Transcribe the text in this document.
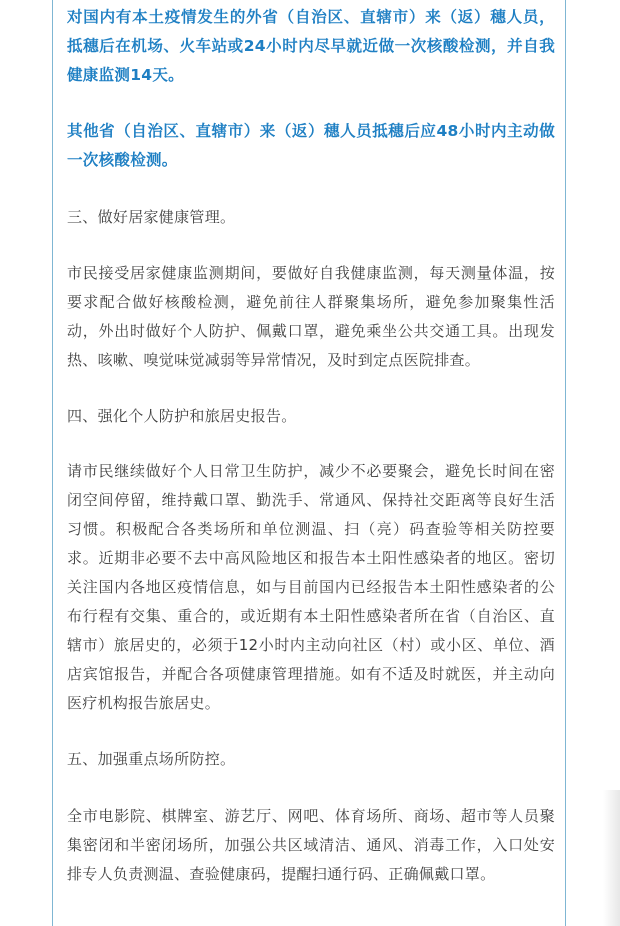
对国内有本土疫情发生的外省（自治区、直辖市）来（返）穗人员，抵穗后在机场、火车站或24小时内尽早就近做一次核酸检测，并自我健康监测14天。

其他省（自治区、直辖市）来（返）穗人员抵穗后应48小时内主动做一次核酸检测。

三、做好居家健康管理。

市民接受居家健康监测期间，要做好自我健康监测，每天测量体温，按要求配合做好核酸检测，避免前往人群聚集场所，避免参加聚集性活动，外出时做好个人防护、佩戴口罩，避免乘坐公共交通工具。出现发热、咳嗽、嗅觉味觉减弱等异常情况，及时到定点医院排查。

四、强化个人防护和旅居史报告。

请市民继续做好个人日常卫生防护，减少不必要聚会，避免长时间在密闭空间停留，维持戴口罩、勤洗手、常通风、保持社交距离等良好生活习惯。积极配合各类场所和单位测温、扫（亮）码查验等相关防控要求。近期非必要不去中高风险地区和报告本土阳性感染者的地区。密切关注国内各地区疫情信息，如与目前国内已经报告本土阳性感染者的公布行程有交集、重合的，或近期有本土阳性感染者所在省（自治区、直辖市）旅居史的，必须于12小时内主动向社区（村）或小区、单位、酒店宾馆报告，并配合各项健康管理措施。如有不适及时就医，并主动向医疗机构报告旅居史。

五、加强重点场所防控。

全市电影院、棋牌室、游艺厅、网吧、体育场所、商场、超市等人员聚集密闭和半密闭场所，加强公共区域清洁、通风、消毒工作，入口处安排专人负责测温、查验健康码，提醒扫通行码、正确佩戴口罩。
